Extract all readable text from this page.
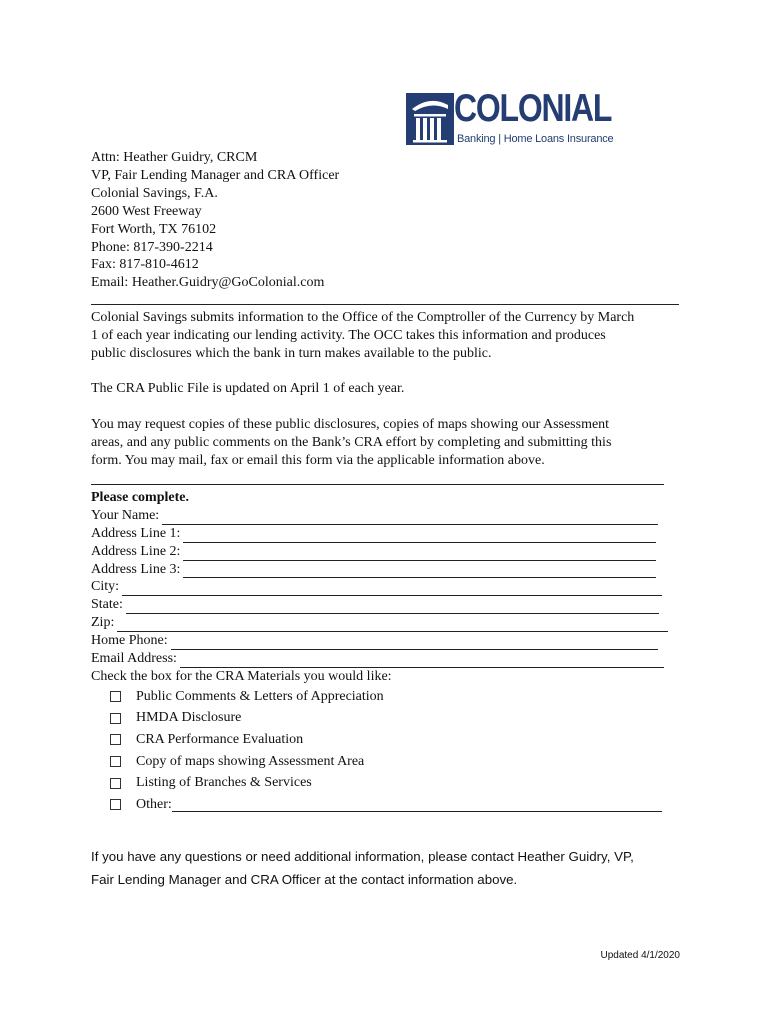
COLONIAL
Banking | Home Loans Insurance
Attn: Heather Guidry, CRCM
VP, Fair Lending Manager and CRA Officer
Colonial Savings, F.A.
2600 West Freeway
Fort Worth, TX 76102
Phone: 817-390-2214
Fax: 817-810-4612
Email: Heather.Guidry@GoColonial.com
Colonial Savings submits information to the Office of the Comptroller of the Currency by March
1 of each year indicating our lending activity. The OCC takes this information and produces
public disclosures which the bank in turn makes available to the public.
The CRA Public File is updated on April 1 of each year.
You may request copies of these public disclosures, copies of maps showing our Assessment
areas, and any public comments on the Bank’s CRA effort by completing and submitting this
form. You may mail, fax or email this form via the applicable information above.
Please complete.
Your Name:
Address Line 1:
Address Line 2:
Address Line 3:
City:
State:
Zip:
Home Phone:
Email Address:
Check the box for the CRA Materials you would like:
Public Comments & Letters of Appreciation
HMDA Disclosure
CRA Performance Evaluation
Copy of maps showing Assessment Area
Listing of Branches & Services
Other:
If you have any questions or need additional information, please contact Heather Guidry, VP,
Fair Lending Manager and CRA Officer at the contact information above.
Updated 4/1/2020
